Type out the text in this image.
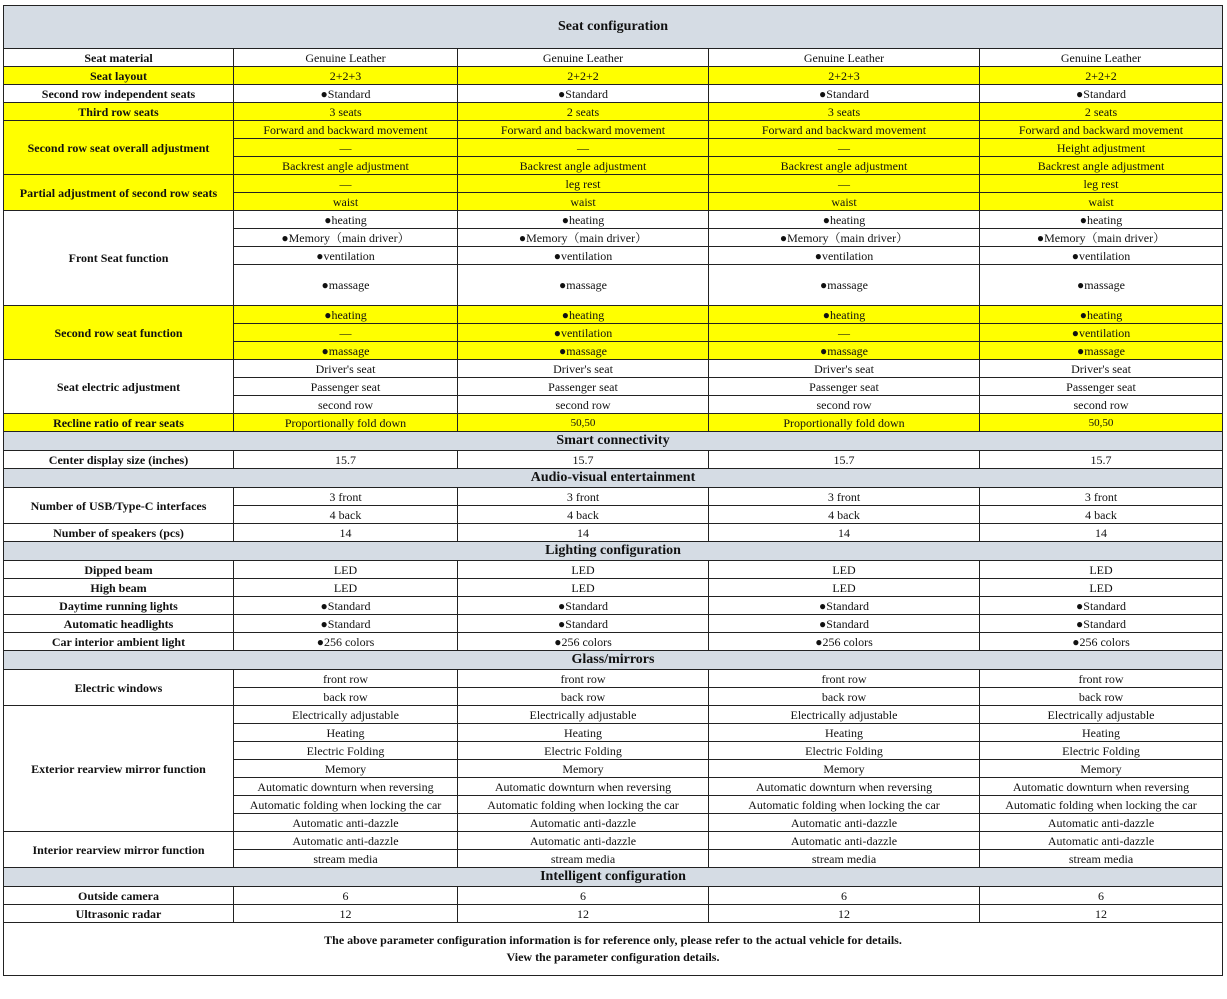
Seat configuration				
Seat material	Genuine Leather	Genuine Leather	Genuine Leather	Genuine Leather
Seat layout	2+2+3	2+2+2	2+2+3	2+2+2
Second row independent seats	●Standard	●Standard	●Standard	●Standard
Third row seats	3 seats	2 seats	3 seats	2 seats
Second row seat overall adjustment	Forward and backward movement	Forward and backward movement	Forward and backward movement	Forward and backward movement
	—	—	—	Height adjustment
	Backrest angle adjustment	Backrest angle adjustment	Backrest angle adjustment	Backrest angle adjustment
Partial adjustment of second row seats	—	leg rest	—	leg rest
	waist	waist	waist	waist
Front Seat function	●heating	●heating	●heating	●heating
	●Memory（main driver）	●Memory（main driver）	●Memory（main driver）	●Memory（main driver）
	●ventilation	●ventilation	●ventilation	●ventilation
	●massage	●massage	●massage	●massage
Second row seat function	●heating	●heating	●heating	●heating
	—	●ventilation	—	●ventilation
	●massage	●massage	●massage	●massage
Seat electric adjustment	Driver's seat	Driver's seat	Driver's seat	Driver's seat
	Passenger seat	Passenger seat	Passenger seat	Passenger seat
	second row	second row	second row	second row
Recline ratio of rear seats	Proportionally fold down	50,50	Proportionally fold down	50,50
Smart connectivity				
Center display size (inches)	15.7	15.7	15.7	15.7
Audio-visual entertainment				
Number of USB/Type-C interfaces	3 front	3 front	3 front	3 front
	4 back	4 back	4 back	4 back
Number of speakers (pcs)	14	14	14	14
Lighting configuration				
Dipped beam	LED	LED	LED	LED
High beam	LED	LED	LED	LED
Daytime running lights	●Standard	●Standard	●Standard	●Standard
Automatic headlights	●Standard	●Standard	●Standard	●Standard
Car interior ambient light	●256 colors	●256 colors	●256 colors	●256 colors
Glass/mirrors				
Electric windows	front row	front row	front row	front row
	back row	back row	back row	back row
Exterior rearview mirror function	Electrically adjustable	Electrically adjustable	Electrically adjustable	Electrically adjustable
	Heating	Heating	Heating	Heating
	Electric Folding	Electric Folding	Electric Folding	Electric Folding
	Memory	Memory	Memory	Memory
	Automatic downturn when reversing	Automatic downturn when reversing	Automatic downturn when reversing	Automatic downturn when reversing
	Automatic folding when locking the car	Automatic folding when locking the car	Automatic folding when locking the car	Automatic folding when locking the car
	Automatic anti-dazzle	Automatic anti-dazzle	Automatic anti-dazzle	Automatic anti-dazzle
Interior rearview mirror function	Automatic anti-dazzle	Automatic anti-dazzle	Automatic anti-dazzle	Automatic anti-dazzle
	stream media	stream media	stream media	stream media
Intelligent configuration				
Outside camera	6	6	6	6
Ultrasonic radar	12	12	12	12

The above parameter configuration information is for reference only, please refer to the actual vehicle for details.
View the parameter configuration details.				
